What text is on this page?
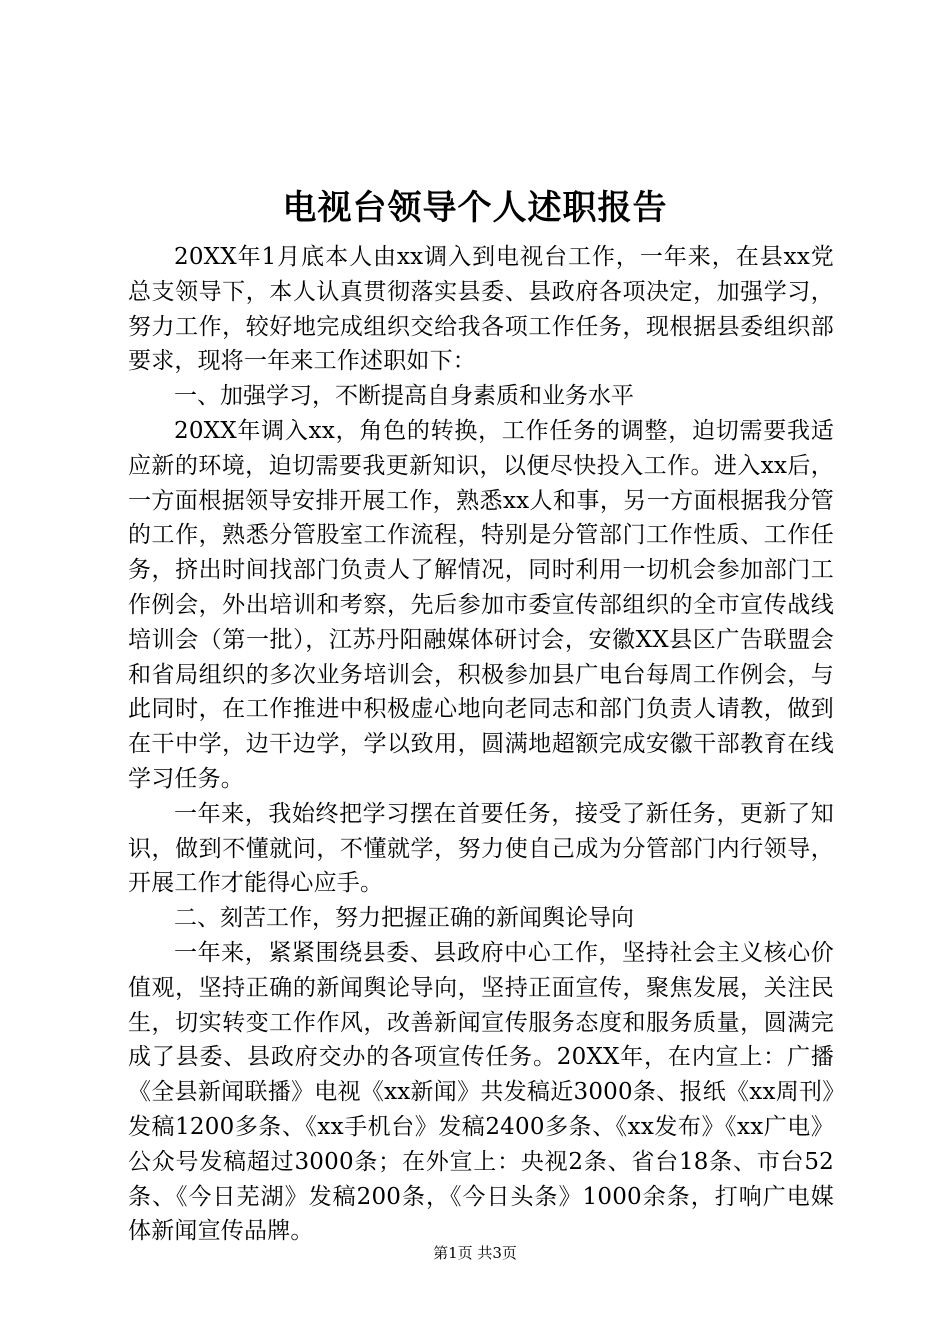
电视台领导个人述职报告

20XX年1月底本人由xx调入到电视台工作，一年来，在县xx党总支领导下，本人认真贯彻落实县委、县政府各项决定，加强学习，努力工作，较好地完成组织交给我各项工作任务，现根据县委组织部要求，现将一年来工作述职如下：

一、加强学习，不断提高自身素质和业务水平

20XX年调入xx，角色的转换，工作任务的调整，迫切需要我适应新的环境，迫切需要我更新知识，以便尽快投入工作。进入xx后，一方面根据领导安排开展工作，熟悉xx人和事，另一方面根据我分管的工作，熟悉分管股室工作流程，特别是分管部门工作性质、工作任务，挤出时间找部门负责人了解情况，同时利用一切机会参加部门工作例会，外出培训和考察，先后参加市委宣传部组织的全市宣传战线培训会（第一批），江苏丹阳融媒体研讨会，安徽XX县区广告联盟会和省局组织的多次业务培训会，积极参加县广电台每周工作例会，与此同时，在工作推进中积极虚心地向老同志和部门负责人请教，做到在干中学，边干边学，学以致用，圆满地超额完成安徽干部教育在线学习任务。

一年来，我始终把学习摆在首要任务，接受了新任务，更新了知识，做到不懂就问，不懂就学，努力使自己成为分管部门内行领导，开展工作才能得心应手。

二、刻苦工作，努力把握正确的新闻舆论导向

一年来，紧紧围绕县委、县政府中心工作，坚持社会主义核心价值观，坚持正确的新闻舆论导向，坚持正面宣传，聚焦发展，关注民生，切实转变工作作风，改善新闻宣传服务态度和服务质量，圆满完成了县委、县政府交办的各项宣传任务。20XX年，在内宣上：广播《全县新闻联播》电视《xx新闻》共发稿近3000条、报纸《xx周刊》发稿1200多条、《xx手机台》发稿2400多条、《xx发布》《xx广电》公众号发稿超过3000条；在外宣上：央视2条、省台18条、市台52条、《今日芜湖》发稿200条，《今日头条》1000余条，打响广电媒体新闻宣传品牌。

第1页 共3页
